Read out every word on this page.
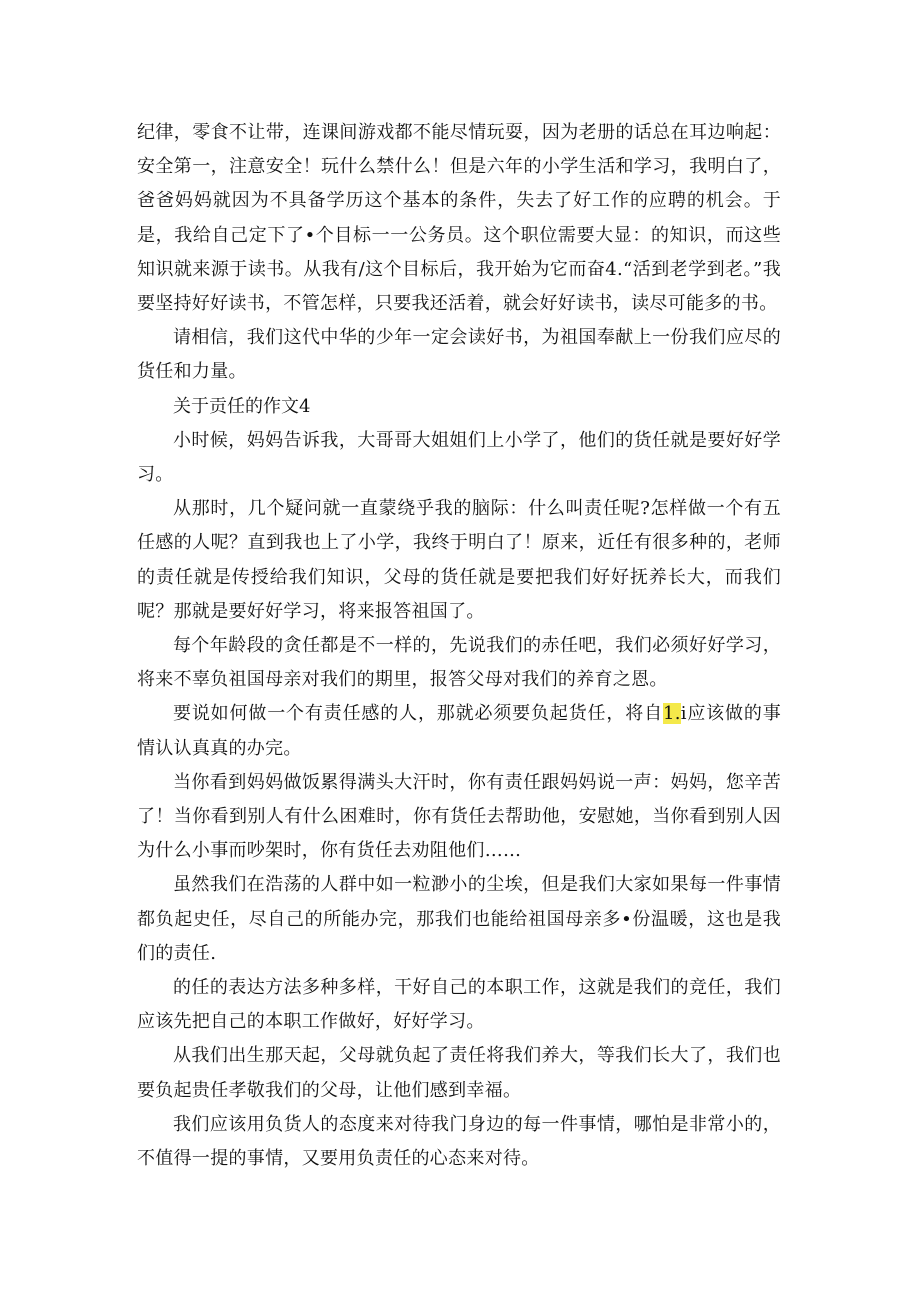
纪律，零食不让带，连课间游戏都不能尽情玩耍，因为老册的话总在耳边响起：安全第一，注意安全！玩什么禁什么！但是六年的小学生活和学习，我明白了，爸爸妈妈就因为不具备学历这个基本的条件，失去了好工作的应聘的机会。于是，我给自己定下了•个目标一一公务员。这个职位需要大显：的知识，而这些知识就来源于读书。从我有/这个目标后，我开始为它而奋4.“活到老学到老。”我要坚持好好读书，不管怎样，只要我还活着，就会好好读书，读尽可能多的书。

请相信，我们这代中华的少年一定会读好书，为祖国奉献上一份我们应尽的货任和力量。

关于贡任的作文4

小时候，妈妈告诉我，大哥哥大姐姐们上小学了，他们的货任就是要好好学习。

从那时，几个疑问就一直蒙绕乎我的脑际：什么叫责任呢?怎样做一个有五任感的人呢？直到我也上了小学，我终于明白了！原来，近任有很多种的，老师的责任就是传授给我们知识，父母的货任就是要把我们好好抚养长大，而我们呢？那就是要好好学习，将来报答祖国了。

每个年龄段的贪任都是不一样的，先说我们的赤任吧，我们必须好好学习，将来不辜负祖国母亲对我们的期里，报答父母对我们的养育之恩。

要说如何做一个有责任感的人，那就必须要负起货任，将自1.i应该做的事情认认真真的办完。

当你看到妈妈做饭累得满头大汗时，你有责任跟妈妈说一声：妈妈，您辛苦了！当你看到别人有什么困难时，你有货任去帮助他，安慰她，当你看到别人因为什么小事而吵架时，你有货任去劝阻他们……

虽然我们在浩荡的人群中如一粒渺小的尘埃，但是我们大家如果每一件事情都负起史任，尽自己的所能办完，那我们也能给祖国母亲多•份温暖，这也是我们的责任.

的任的表达方法多种多样，干好自己的本职工作，这就是我们的竞任，我们应该先把自己的本职工作做好，好好学习。

从我们出生那天起，父母就负起了责任将我们养大，等我们长大了，我们也要负起贵任孝敬我们的父母，让他们感到幸福。

我们应该用负货人的态度来对待我门身边的每一件事情，哪怕是非常小的，不值得一提的事情，又要用负责任的心态来对待。
